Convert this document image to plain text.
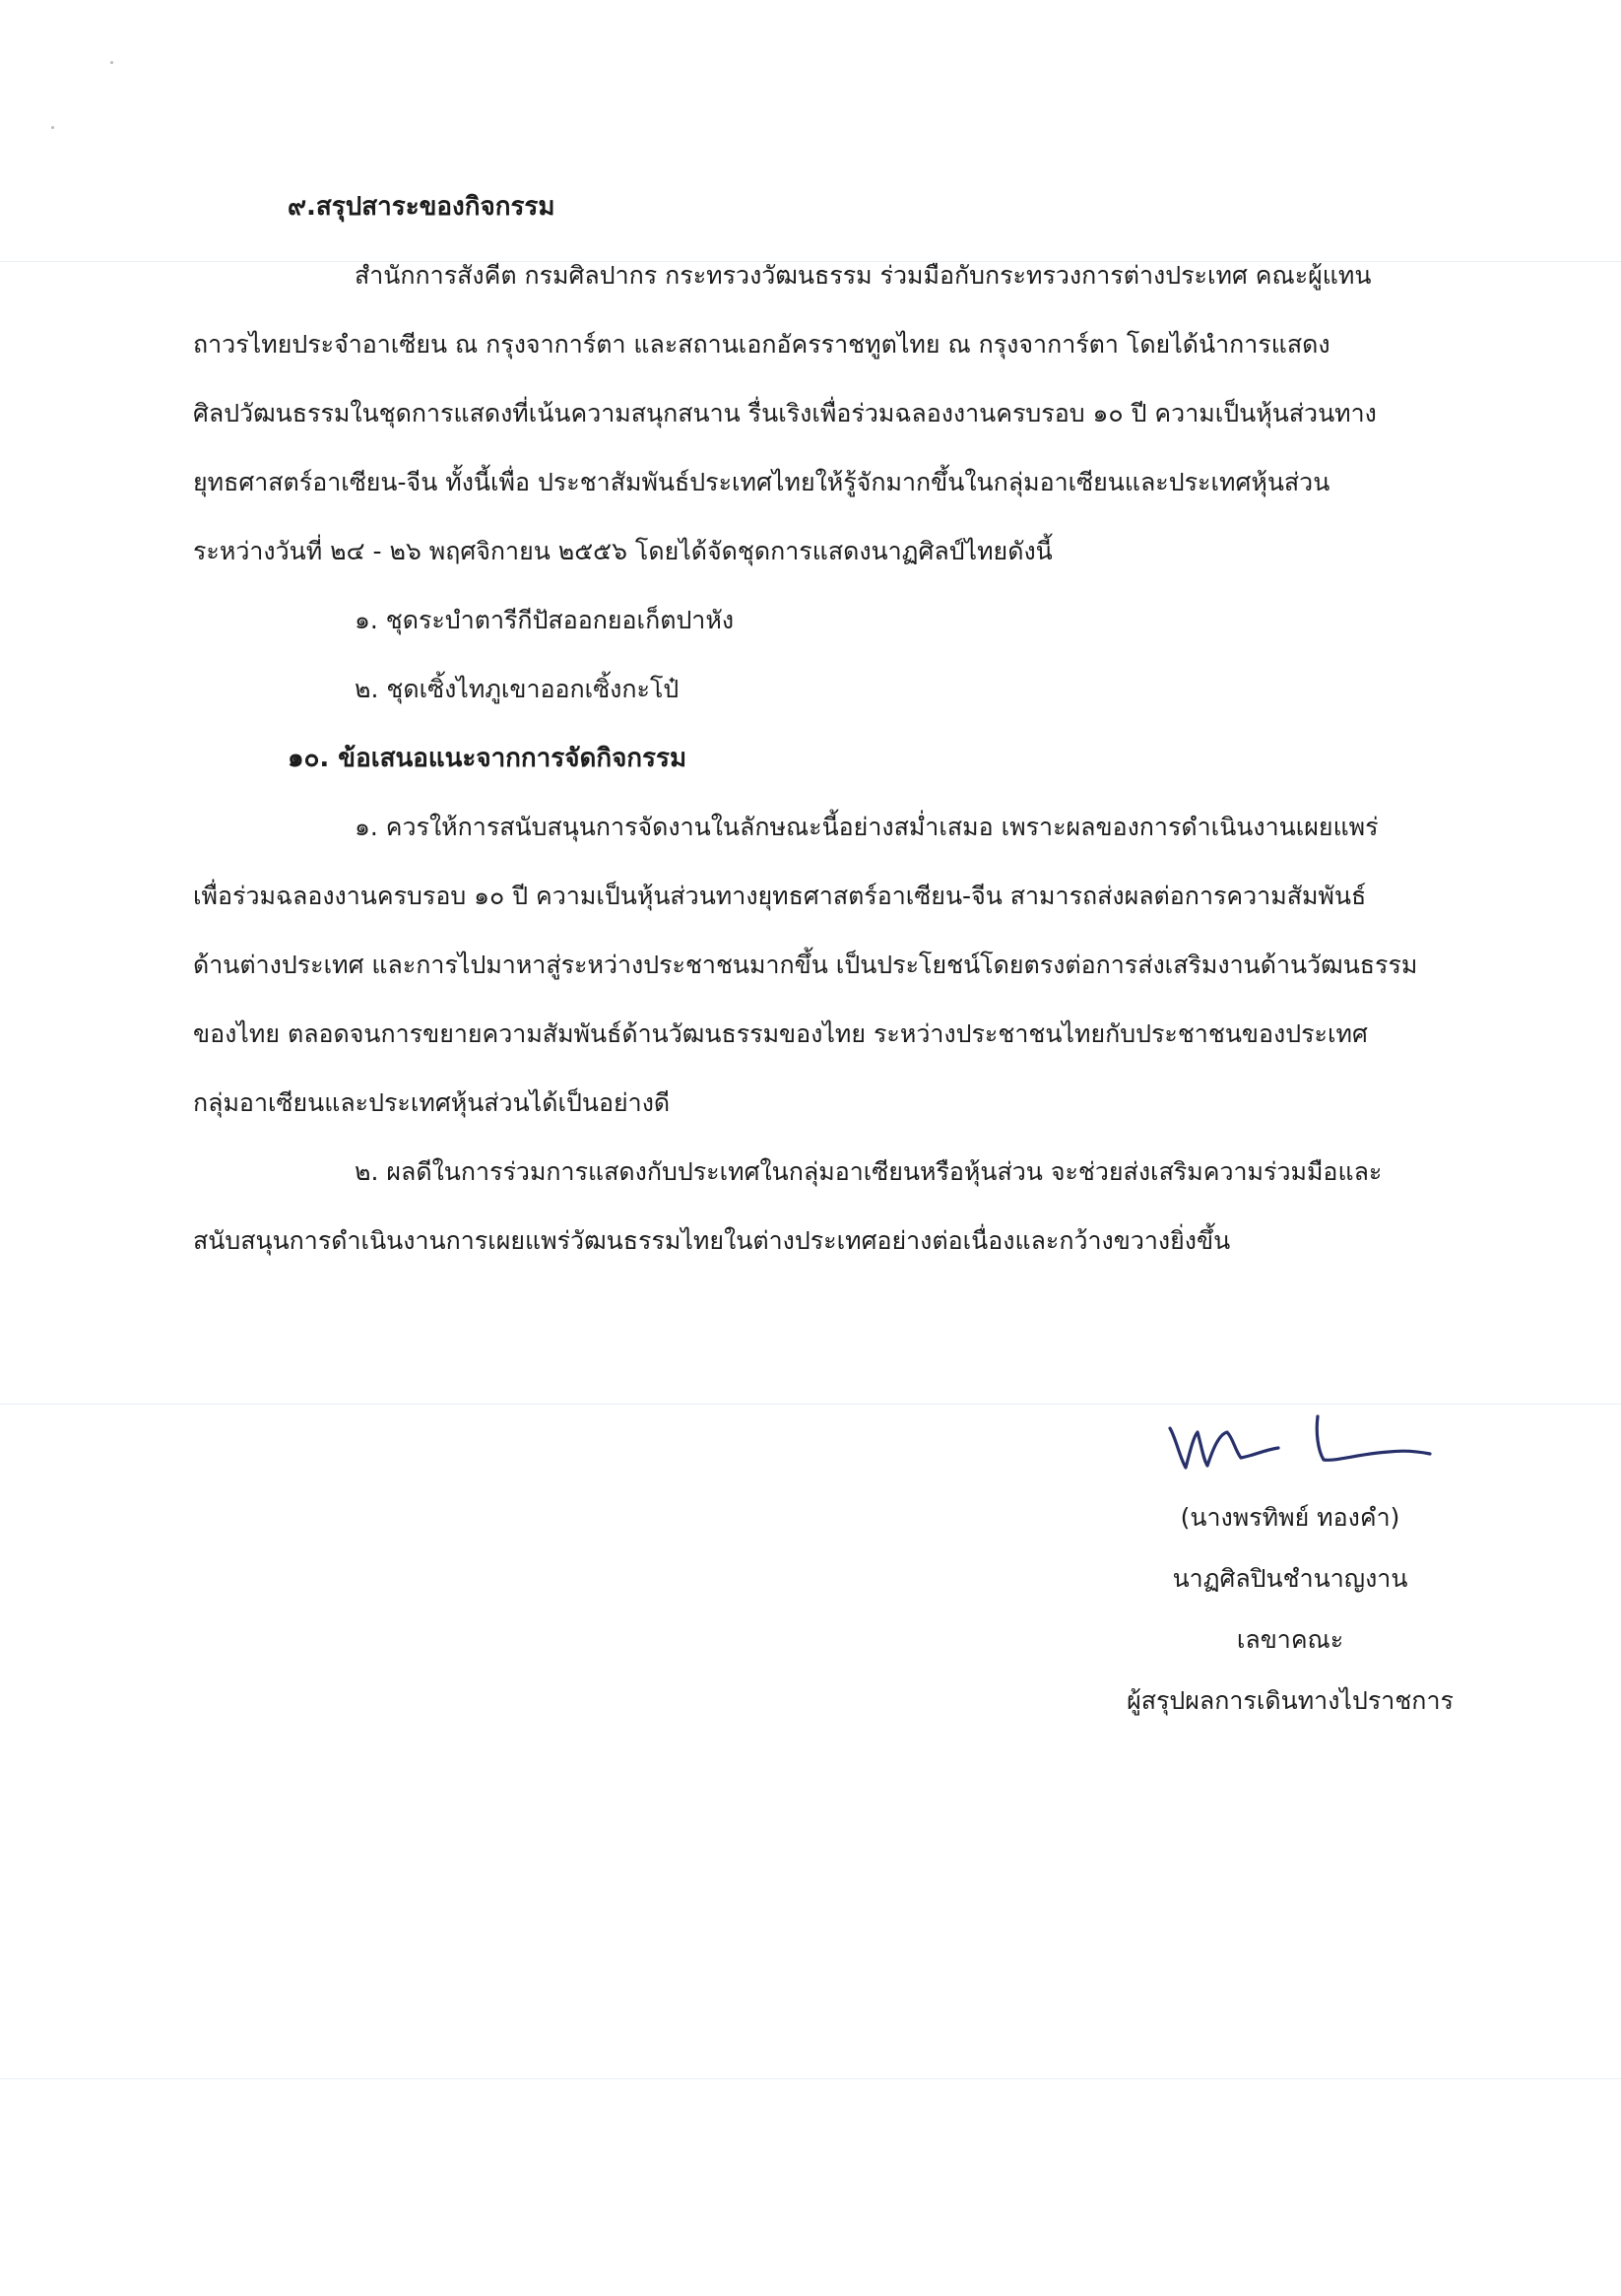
๙.สรุปสาระของกิจกรรม
สำนักการสังคีต กรมศิลปากร กระทรวงวัฒนธรรม ร่วมมือกับกระทรวงการต่างประเทศ คณะผู้แทน
ถาวรไทยประจำอาเซียน ณ กรุงจาการ์ตา และสถานเอกอัครราชทูตไทย ณ กรุงจาการ์ตา โดยได้นำการแสดง
ศิลปวัฒนธรรมในชุดการแสดงที่เน้นความสนุกสนาน รื่นเริงเพื่อร่วมฉลองงานครบรอบ ๑๐ ปี ความเป็นหุ้นส่วนทาง
ยุทธศาสตร์อาเซียน-จีน ทั้งนี้เพื่อ ประชาสัมพันธ์ประเทศไทยให้รู้จักมากขึ้นในกลุ่มอาเซียนและประเทศหุ้นส่วน
ระหว่างวันที่ ๒๔ - ๒๖ พฤศจิกายน ๒๕๕๖ โดยได้จัดชุดการแสดงนาฏศิลป์ไทยดังนี้
๑. ชุดระบำตารีกีปัสออกยอเก็ตปาหัง
๒. ชุดเซิ้งไทภูเขาออกเซิ้งกะโป๋
๑๐. ข้อเสนอแนะจากการจัดกิจกรรม
๑. ควรให้การสนับสนุนการจัดงานในลักษณะนี้อย่างสม่ำเสมอ เพราะผลของการดำเนินงานเผยแพร่
เพื่อร่วมฉลองงานครบรอบ ๑๐ ปี ความเป็นหุ้นส่วนทางยุทธศาสตร์อาเซียน-จีน สามารถส่งผลต่อการความสัมพันธ์
ด้านต่างประเทศ และการไปมาหาสู่ระหว่างประชาชนมากขึ้น เป็นประโยชน์โดยตรงต่อการส่งเสริมงานด้านวัฒนธรรม
ของไทย ตลอดจนการขยายความสัมพันธ์ด้านวัฒนธรรมของไทย ระหว่างประชาชนไทยกับประชาชนของประเทศ
กลุ่มอาเซียนและประเทศหุ้นส่วนได้เป็นอย่างดี
๒. ผลดีในการร่วมการแสดงกับประเทศในกลุ่มอาเซียนหรือหุ้นส่วน จะช่วยส่งเสริมความร่วมมือและ
สนับสนุนการดำเนินงานการเผยแพร่วัฒนธรรมไทยในต่างประเทศอย่างต่อเนื่องและกว้างขวางยิ่งขึ้น
(นางพรทิพย์ ทองคำ)
นาฏศิลปินชำนาญงาน
เลขาคณะ
ผู้สรุปผลการเดินทางไปราชการ
